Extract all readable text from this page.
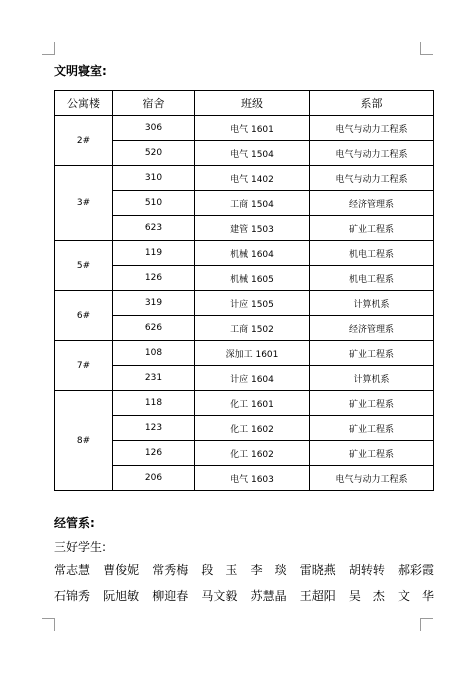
文明寝室:
公寓楼	宿舍	班级	系部
2#	306	电气 1601	电气与动力工程系
	520	电气 1504	电气与动力工程系
3#	310	电气 1402	电气与动力工程系
	510	工商 1504	经济管理系
	623	建管 1503	矿业工程系
5#	119	机械 1604	机电工程系
	126	机械 1605	机电工程系
6#	319	计应 1505	计算机系
	626	工商 1502	经济管理系
7#	108	深加工 1601	矿业工程系
	231	计应 1604	计算机系
8#	118	化工 1601	矿业工程系
	123	化工 1602	矿业工程系
	126	化工 1602	矿业工程系
	206	电气 1603	电气与动力工程系
经管系:
三好学生:
常志慧 曹俊妮 常秀梅 段　玉 李　琰 雷晓燕 胡转转 郝彩霞
石锦秀 阮旭敏 柳迎春 马文毅 苏慧晶 王超阳 吴　杰 文　华
